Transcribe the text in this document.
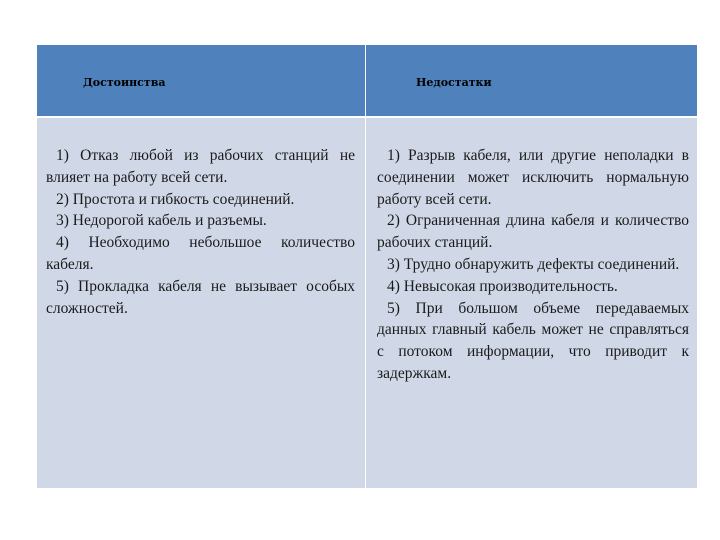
Достоинства	Недостатки

1) Отказ любой из рабочих станций не влияет на работу всей сети.

2) Простота и гибкость соединений.

3) Недорогой кабель и разъемы.

4) Необходимо небольшое количество кабеля.

5) Прокладка кабеля не вызывает особых сложностей.

1) Разрыв кабеля, или другие неполадки в соединении может исключить нормальную работу всей сети.

2) Ограниченная длина кабеля и количество рабочих станций.

3) Трудно обнаружить дефекты соединений.

4) Невысокая производительность.

5) При большом объеме передаваемых данных главный кабель может не справляться с потоком информации, что приводит к задержкам.
